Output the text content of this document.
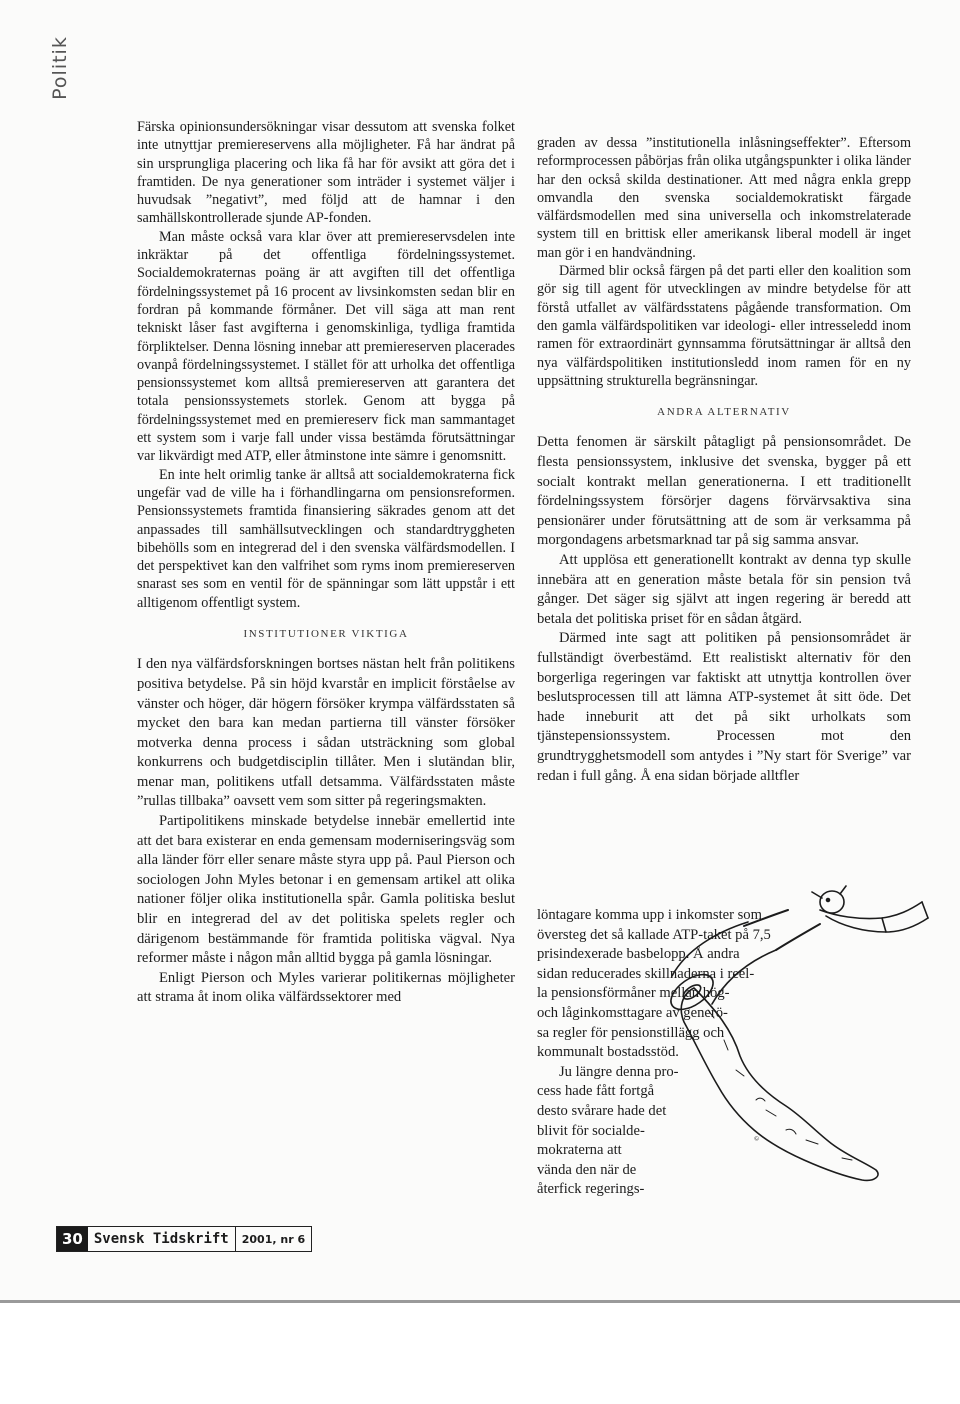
Politik

Färska opinionsundersökningar visar dessutom att svenska folket inte utnyttjar premiereservens alla möjligheter. Få har ändrat på sin ursprungliga placering och lika få har för avsikt att göra det i framtiden. De nya generationer som inträder i systemet väljer i huvudsak ”negativt”, med följd att de hamnar i den samhällskontrollerade sjunde AP-fonden.

Man måste också vara klar över att premiereservsdelen inte inkräktar på det offentliga fördelningssystemet. Socialdemokraternas poäng är att avgiften till det offentliga fördelningssystemet på 16 procent av livsinkomsten sedan blir en fordran på kommande förmåner. Det vill säga att man rent tekniskt låser fast avgifterna i genomskinliga, tydliga framtida förpliktelser. Denna lösning innebar att premiereserven placerades ovanpå fördelningssystemet. I stället för att urholka det offentliga pensionssystemet kom alltså premiereserven att garantera det totala pensionssystemets storlek. Genom att bygga på fördelningssystemet med en premiereserv fick man sammantaget ett system som i varje fall under vissa bestämda förutsättningar var likvärdigt med ATP, eller åtminstone inte sämre i genomsnitt.

En inte helt orimlig tanke är alltså att socialdemokraterna fick ungefär vad de ville ha i förhandlingarna om pensionsreformen. Pensionssystemets framtida finansiering säkrades genom att det anpassades till samhällsutvecklingen och standardtryggheten bibehölls som en integrerad del i den svenska välfärdsmodellen. I det perspektivet kan den valfrihet som ryms inom premiereserven snarast ses som en ventil för de spänningar som lätt uppstår i ett alltigenom offentligt system.

INSTITUTIONER VIKTIGA

I den nya välfärdsforskningen bortses nästan helt från politikens positiva betydelse. På sin höjd kvarstår en implicit förståelse av vänster och höger, där högern försöker krympa välfärdsstaten så mycket den bara kan medan partierna till vänster försöker motverka denna process i sådan utsträckning som global konkurrens och budgetdisciplin tillåter. Men i slutändan blir, menar man, politikens utfall detsamma. Välfärdsstaten måste ”rullas tillbaka” oavsett vem som sitter på regeringsmakten.

Partipolitikens minskade betydelse innebär emellertid inte att det bara existerar en enda gemensam moderniseringsväg som alla länder förr eller senare måste styra upp på. Paul Pierson och sociologen John Myles betonar i en gemensam artikel att olika nationer följer olika institutionella spår. Gamla politiska beslut blir en integrerad del av det politiska spelets regler och därigenom bestämmande för framtida politiska vägval. Nya reformer måste i någon mån alltid bygga på gamla lösningar.

Enligt Pierson och Myles varierar politikernas möjligheter att strama åt inom olika välfärdssektorer med

graden av dessa ”institutionella inlåsningseffekter”. Eftersom reformprocessen påbörjas från olika utgångspunkter i olika länder har den också skilda destinationer. Att med några enkla grepp omvandla den svenska socialdemokratiskt färgade välfärdsmodellen med sina universella och inkomstrelaterade system till en brittisk eller amerikansk liberal modell är inget man gör i en handvändning.

Därmed blir också färgen på det parti eller den koalition som gör sig till agent för utvecklingen av mindre betydelse för att förstå utfallet av välfärdsstatens pågående transformation. Om den gamla välfärdspolitiken var ideologi- eller intresseledd inom ramen för extraordinärt gynnsamma förutsättningar är alltså den nya välfärdspolitiken institutionsledd inom ramen för en ny uppsättning strukturella begränsningar.

ANDRA ALTERNATIV

Detta fenomen är särskilt påtagligt på pensionsområdet. De flesta pensionssystem, inklusive det svenska, bygger på ett socialt kontrakt mellan generationerna. I ett traditionellt fördelningssystem försörjer dagens förvärvsaktiva sina pensionärer under förutsättning att de som är verksamma på morgondagens arbetsmarknad tar på sig samma ansvar.

Att upplösa ett generationellt kontrakt av denna typ skulle innebära att en generation måste betala för sin pension två gånger. Det säger sig självt att ingen regering är beredd att betala det politiska priset för en sådan åtgärd.

Därmed inte sagt att politiken på pensionsområdet är fullständigt överbestämd. Ett realistiskt alternativ för den borgerliga regeringen var faktiskt att utnyttja kontrollen över beslutsprocessen till att lämna ATP-systemet åt sitt öde. Det hade inneburit att det på sikt urholkats som tjänstepensionssystem. Processen mot den grundtrygghetsmodell som antydes i ”Ny start för Sverige” var redan i full gång. Å ena sidan började alltfler

löntagare komma upp i inkomster som
översteg det så kallade ATP-taket på 7,5
prisindexerade basbelopp. Å andra
sidan reducerades skillnaderna i reel-
la pensionsförmåner mellan hög-
och låginkomsttagare av generö-
sa regler för pensionstillägg och
kommunalt bostadsstöd.
Ju längre denna pro-
cess hade fått fortgå
desto svårare hade det
blivit för socialde-
mokraterna att
vända den när de
återfick regerings-
©
30 Svensk Tidskrift	2001, nr 6
